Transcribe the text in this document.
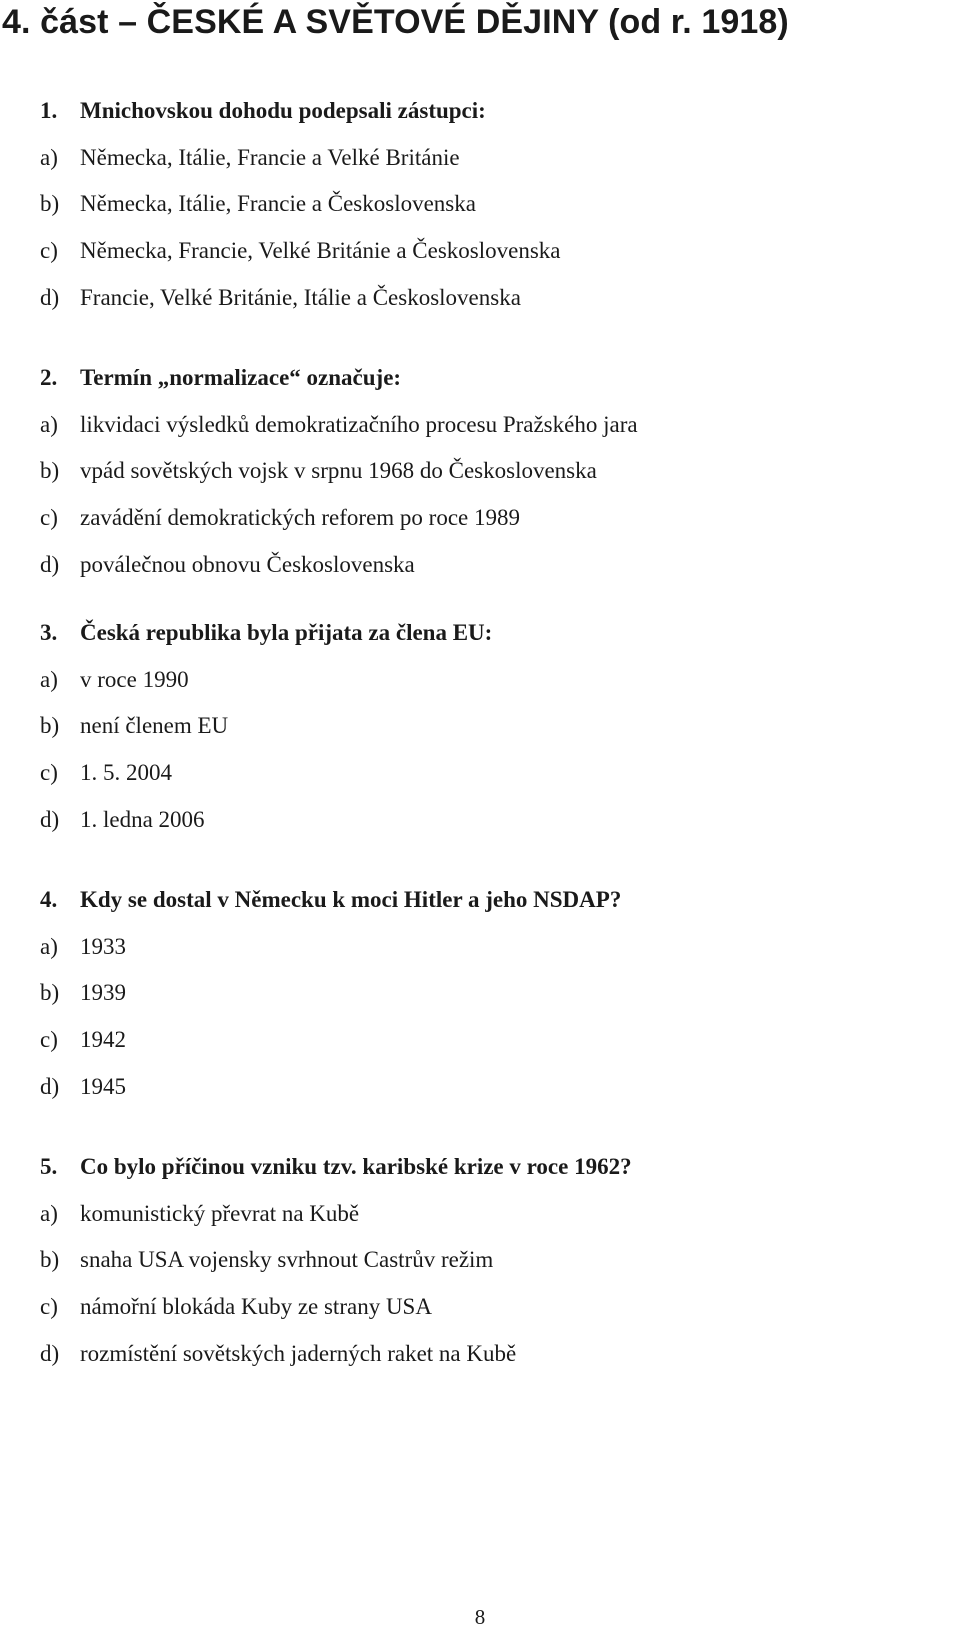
4. část – ČESKÉ A SVĚTOVÉ DĚJINY (od r. 1918)
1. Mnichovskou dohodu podepsali zástupci:
a) Německa, Itálie, Francie a Velké Británie
b) Německa, Itálie, Francie a Československa
c) Německa, Francie, Velké Británie a Československa
d) Francie, Velké Británie, Itálie a Československa
2. Termín „normalizace“ označuje:
a) likvidaci výsledků demokratizačního procesu Pražského jara
b) vpád sovětských vojsk v srpnu 1968 do Československa
c) zavádění demokratických reforem po roce 1989
d) poválečnou obnovu Československa
3. Česká republika byla přijata za člena EU:
a) v roce 1990
b) není členem EU
c) 1. 5. 2004
d) 1. ledna 2006
4. Kdy se dostal v Německu k moci Hitler a jeho NSDAP?
a) 1933
b) 1939
c) 1942
d) 1945
5. Co bylo příčinou vzniku tzv. karibské krize v roce 1962?
a) komunistický převrat na Kubě
b) snaha USA vojensky svrhnout Castrův režim
c) námořní blokáda Kuby ze strany USA
d) rozmístění sovětských jaderných raket na Kubě
8
